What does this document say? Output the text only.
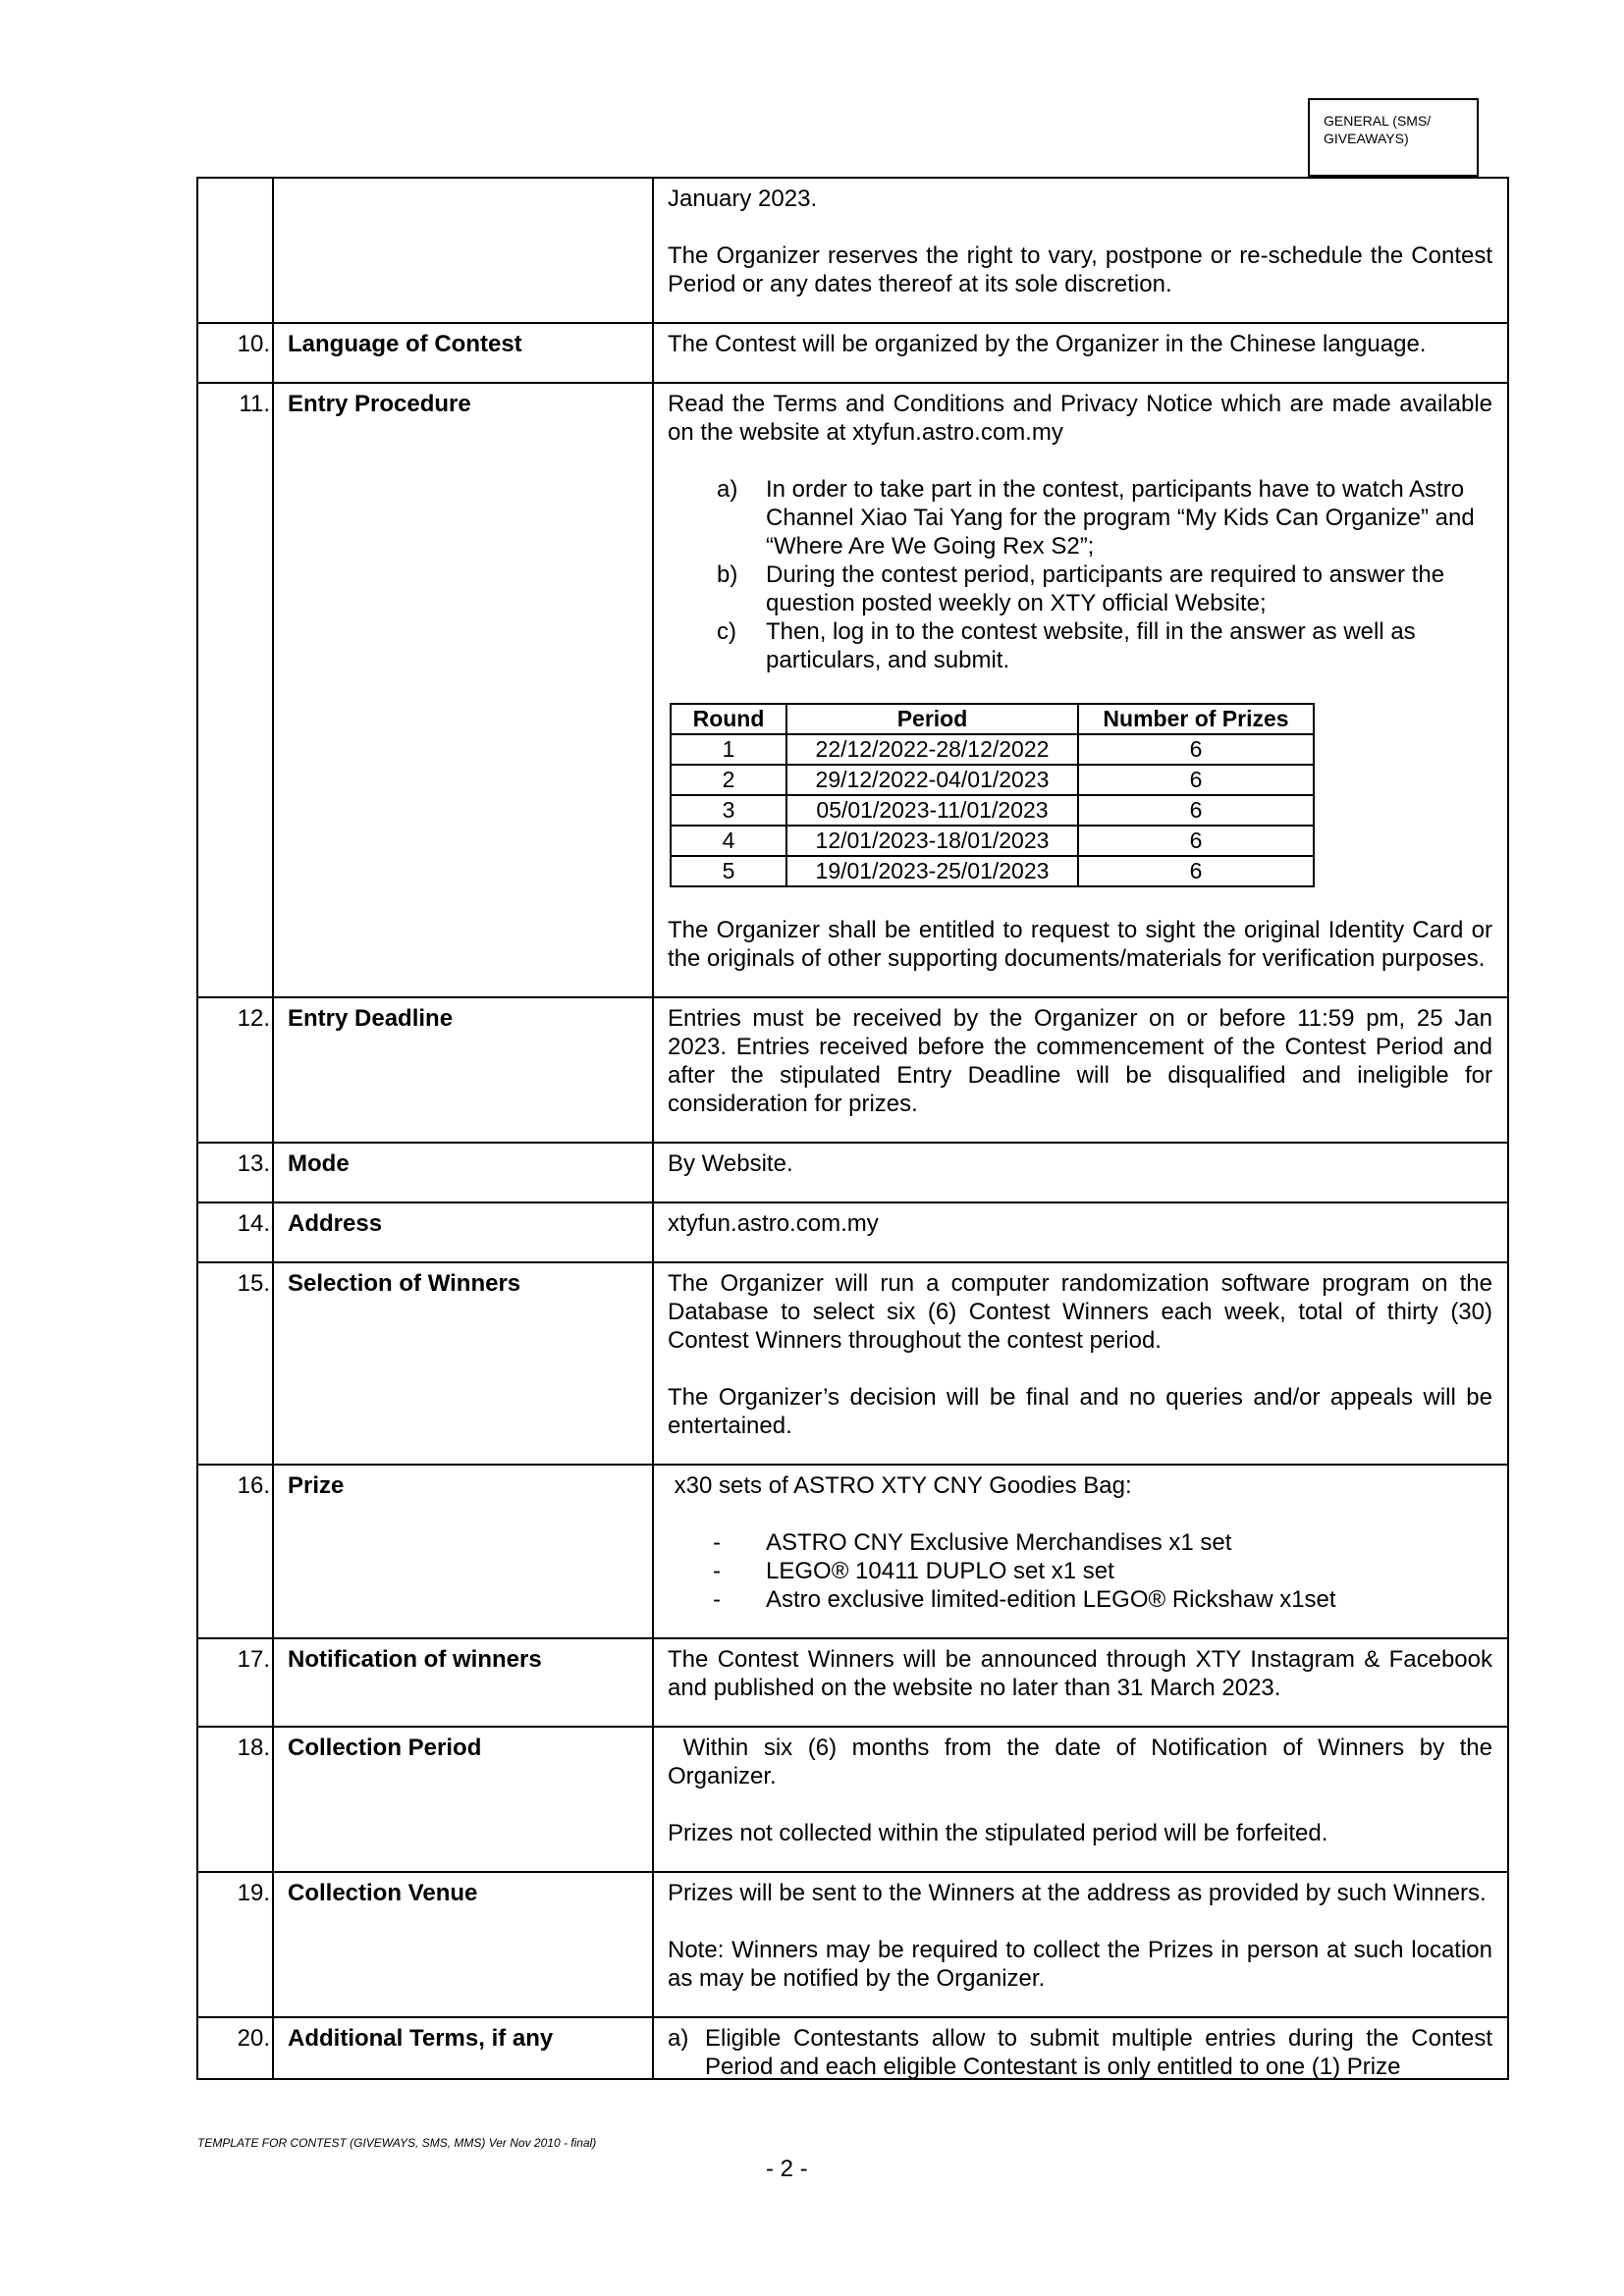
GENERAL (SMS/ GIVEAWAYS)

January 2023.

The Organizer reserves the right to vary, postpone or re-schedule the Contest Period or any dates thereof at its sole discretion.

10.	Language of Contest	The Contest will be organized by the Organizer in the Chinese language.

11.	Entry Procedure	Read the Terms and Conditions and Privacy Notice which are made available on the website at xtyfun.astro.com.my

a) In order to take part in the contest, participants have to watch Astro Channel Xiao Tai Yang for the program “My Kids Can Organize” and “Where Are We Going Rex S2”;
b) During the contest period, participants are required to answer the question posted weekly on XTY official Website;
c) Then, log in to the contest website, fill in the answer as well as particulars, and submit.
Round	Period	Number of Prizes
1	22/12/2022-28/12/2022	6
2	29/12/2022-04/01/2023	6
3	05/01/2023-11/01/2023	6
4	12/01/2023-18/01/2023	6
5	19/01/2023-25/01/2023	6

The Organizer shall be entitled to request to sight the original Identity Card or the originals of other supporting documents/materials for verification purposes.

12.	Entry Deadline	Entries must be received by the Organizer on or before 11:59 pm, 25 Jan 2023. Entries received before the commencement of the Contest Period and after the stipulated Entry Deadline will be disqualified and ineligible for consideration for prizes.

13.	Mode	By Website.

14.	Address	xtyfun.astro.com.my

15.	Selection of Winners	The Organizer will run a computer randomization software program on the Database to select six (6) Contest Winners each week, total of thirty (30) Contest Winners throughout the contest period.

The Organizer’s decision will be final and no queries and/or appeals will be entertained.

16.	Prize	x30 sets of ASTRO XTY CNY Goodies Bag:

- ASTRO CNY Exclusive Merchandises x1 set
- LEGO® 10411 DUPLO set x1 set
- Astro exclusive limited-edition LEGO® Rickshaw x1set

17.	Notification of winners	The Contest Winners will be announced through XTY Instagram & Facebook and published on the website no later than 31 March 2023.

18.	Collection Period	Within six (6) months from the date of Notification of Winners by the Organizer.

Prizes not collected within the stipulated period will be forfeited.

19.	Collection Venue	Prizes will be sent to the Winners at the address as provided by such Winners.

Note: Winners may be required to collect the Prizes in person at such location as may be notified by the Organizer.

20.	Additional Terms, if any	a) Eligible Contestants allow to submit multiple entries during the Contest Period and each eligible Contestant is only entitled to one (1) Prize
TEMPLATE FOR CONTEST (GIVEWAYS, SMS, MMS) Ver Nov 2010 - final)
- 2 -
